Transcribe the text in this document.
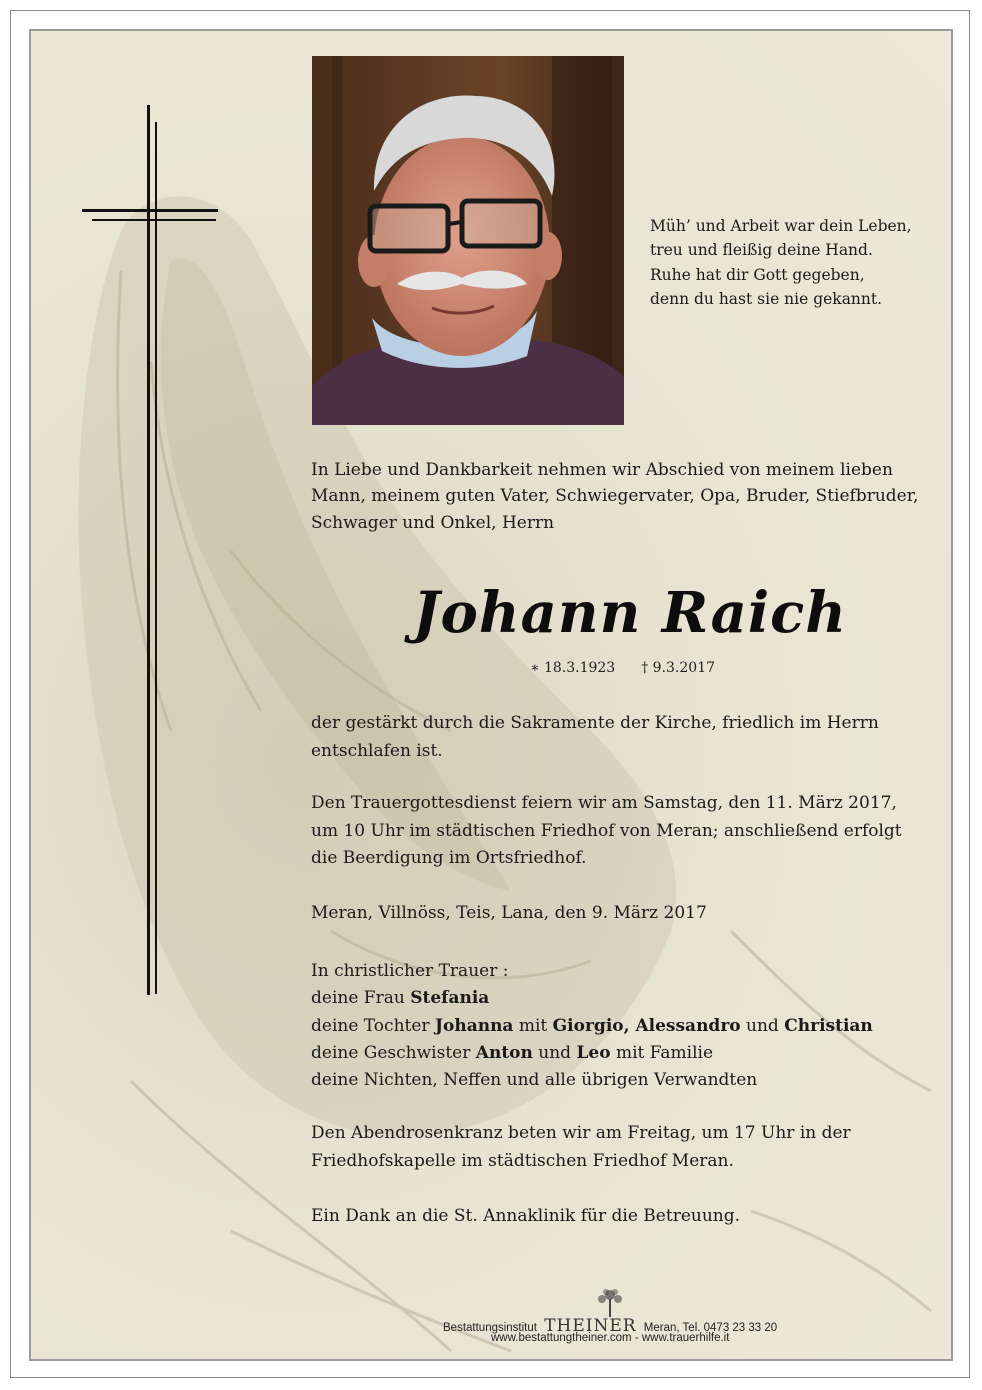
Müh’ und Arbeit war dein Leben,
treu und fleißig deine Hand.
Ruhe hat dir Gott gegeben,
denn du hast sie nie gekannt.
In Liebe und Dankbarkeit nehmen wir Abschied von meinem lieben
Mann, meinem guten Vater, Schwiegervater, Opa, Bruder, Stiefbruder,
Schwager und Onkel, Herrn
Johann Raich
∗ 18.3.1923 † 9.3.2017
der gestärkt durch die Sakramente der Kirche, friedlich im Herrn
entschlafen ist.
Den Trauergottesdienst feiern wir am Samstag, den 11. März 2017,
um 10 Uhr im städtischen Friedhof von Meran; anschließend erfolgt
die Beerdigung im Ortsfriedhof.
Meran, Villnöss, Teis, Lana, den 9. März 2017
In christlicher Trauer :
deine Frau Stefania
deine Tochter Johanna mit Giorgio, Alessandro und Christian
deine Geschwister Anton und Leo mit Familie
deine Nichten, Neffen und alle übrigen Verwandten
Den Abendrosenkranz beten wir am Freitag, um 17 Uhr in der
Friedhofskapelle im städtischen Friedhof Meran.
Ein Dank an die St. Annaklinik für die Betreuung.
Bestattungsinstitut THEINER Meran, Tel. 0473 23 33 20
www.bestattungtheiner.com - www.trauerhilfe.it
